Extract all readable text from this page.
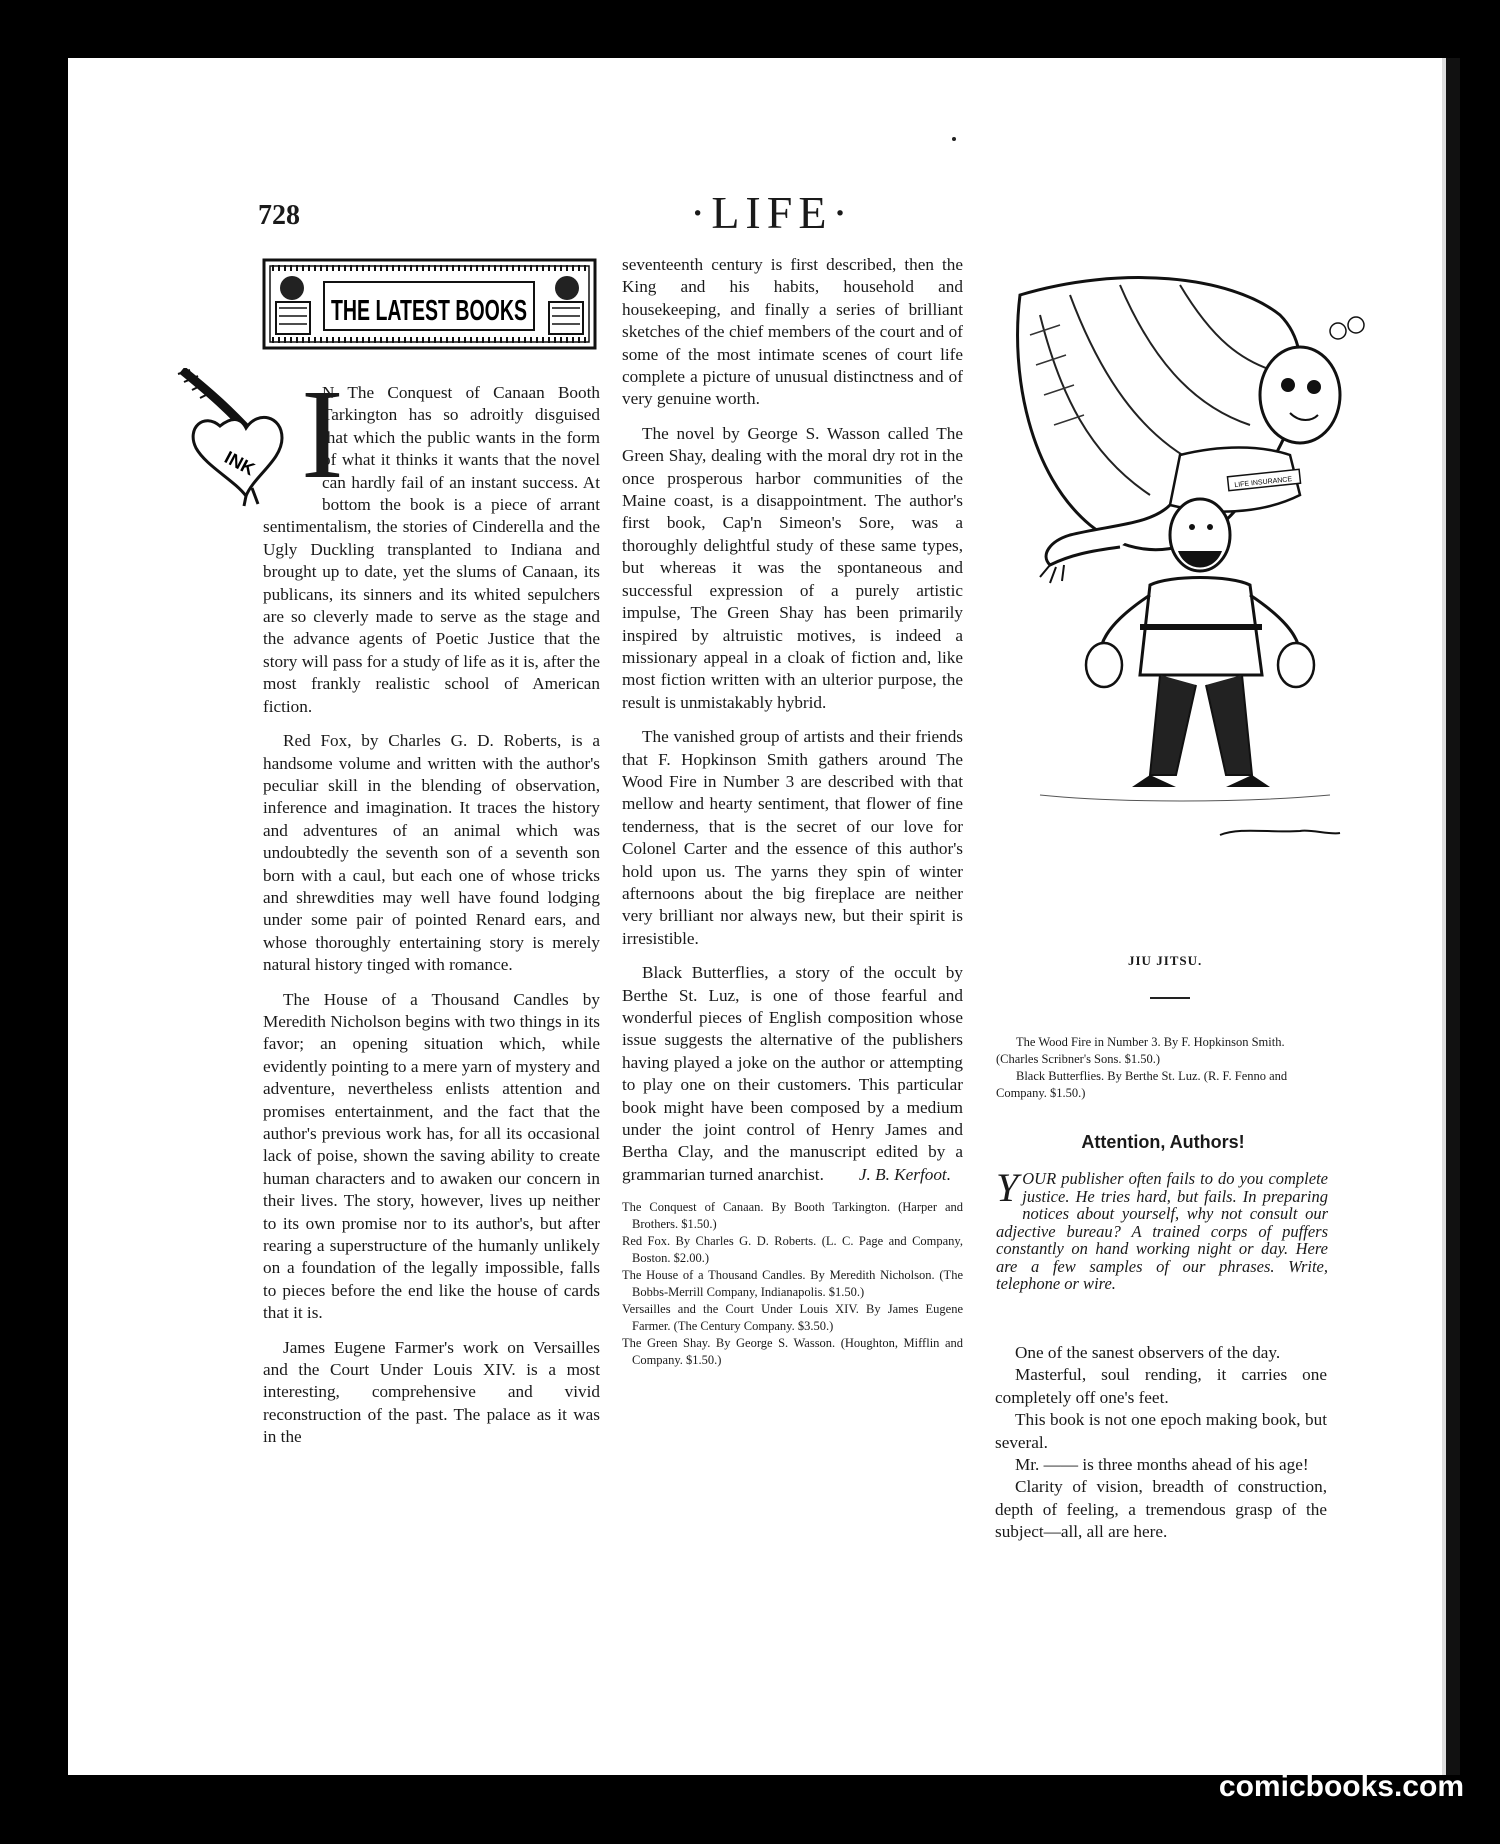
728	·LIFE·
THE LATEST BOOKS
INK I

N The Conquest of Canaan Booth Tarkington has so adroitly disguised that which the public wants in the form of what it thinks it wants that the novel can hardly fail of an instant success. At bottom the book is a piece of arrant sentimentalism, the stories of Cinderella and the Ugly Duckling transplanted to Indiana and brought up to date, yet the slums of Canaan, its publicans, its sinners and its whited sepulchers are so cleverly made to serve as the stage and the advance agents of Poetic Justice that the story will pass for a study of life as it is, after the most frankly realistic school of American fiction.

Red Fox, by Charles G. D. Roberts, is a handsome volume and written with the author's peculiar skill in the blending of observation, inference and imagination. It traces the history and adventures of an animal which was undoubtedly the seventh son of a seventh son born with a caul, but each one of whose tricks and shrewdities may well have found lodging under some pair of pointed Renard ears, and whose thoroughly entertaining story is merely natural history tinged with romance.

The House of a Thousand Candles by Meredith Nicholson begins with two things in its favor; an opening situation which, while evidently pointing to a mere yarn of mystery and adventure, nevertheless enlists attention and promises entertainment, and the fact that the author's previous work has, for all its occasional lack of poise, shown the saving ability to create human characters and to awaken our concern in their lives. The story, however, lives up neither to its own promise nor to its author's, but after rearing a superstructure of the humanly unlikely on a foundation of the legally impossible, falls to pieces before the end like the house of cards that it is.

James Eugene Farmer's work on Versailles and the Court Under Louis XIV. is a most interesting, comprehensive and vivid reconstruction of the past. The palace as it was in the

seventeenth century is first described, then the King and his habits, household and housekeeping, and finally a series of brilliant sketches of the chief members of the court and of some of the most intimate scenes of court life complete a picture of unusual distinctness and of very genuine worth.

The novel by George S. Wasson called The Green Shay, dealing with the moral dry rot in the once prosperous harbor communities of the Maine coast, is a disappointment. The author's first book, Cap'n Simeon's Sore, was a thoroughly delightful study of these same types, but whereas it was the spontaneous and successful expression of a purely artistic impulse, The Green Shay has been primarily inspired by altruistic motives, is indeed a missionary appeal in a cloak of fiction and, like most fiction written with an ulterior purpose, the result is unmistakably hybrid.

The vanished group of artists and their friends that F. Hopkinson Smith gathers around The Wood Fire in Number 3 are described with that mellow and hearty sentiment, that flower of fine tenderness, that is the secret of our love for Colonel Carter and the essence of this author's hold upon us. The yarns they spin of winter afternoons about the big fireplace are neither very brilliant nor always new, but their spirit is irresistible.

Black Butterflies, a story of the occult by Berthe St. Luz, is one of those fearful and wonderful pieces of English composition whose issue suggests the alternative of the publishers having played a joke on the author or attempting to play one on their customers. This particular book might have been composed by a medium under the joint control of Henry James and Bertha Clay, and the manuscript edited by a grammarian turned anarchist.	J. B. Kerfoot.

The Conquest of Canaan. By Booth Tarkington. (Harper and Brothers. $1.50.)

Red Fox. By Charles G. D. Roberts. (L. C. Page and Company, Boston. $2.00.)

The House of a Thousand Candles. By Meredith Nicholson. (The Bobbs-Merrill Company, Indianapolis. $1.50.)

Versailles and the Court Under Louis XIV. By James Eugene Farmer. (The Century Company. $3.50.)

The Green Shay. By George S. Wasson. (Houghton, Mifflin and Company. $1.50.)

LIFE INSURANCE

JIU JITSU.

The Wood Fire in Number 3. By F. Hopkinson Smith. (Charles Scribner's Sons. $1.50.)

Black Butterflies. By Berthe St. Luz. (R. F. Fenno and Company. $1.50.)

Attention, Authors!
Y OUR publisher often fails to do you complete justice. He tries hard, but fails. In preparing notices about yourself, why not consult our adjective bureau? A trained corps of puffers constantly on hand working night or day. Here are a few samples of our phrases. Write, telephone or wire.

One of the sanest observers of the day.

Masterful, soul rending, it carries one completely off one's feet.

This book is not one epoch making book, but several.

Mr. —— is three months ahead of his age!

Clarity of vision, breadth of construction, depth of feeling, a tremendous grasp of the subject—all, all are here.

comicbooks.com
